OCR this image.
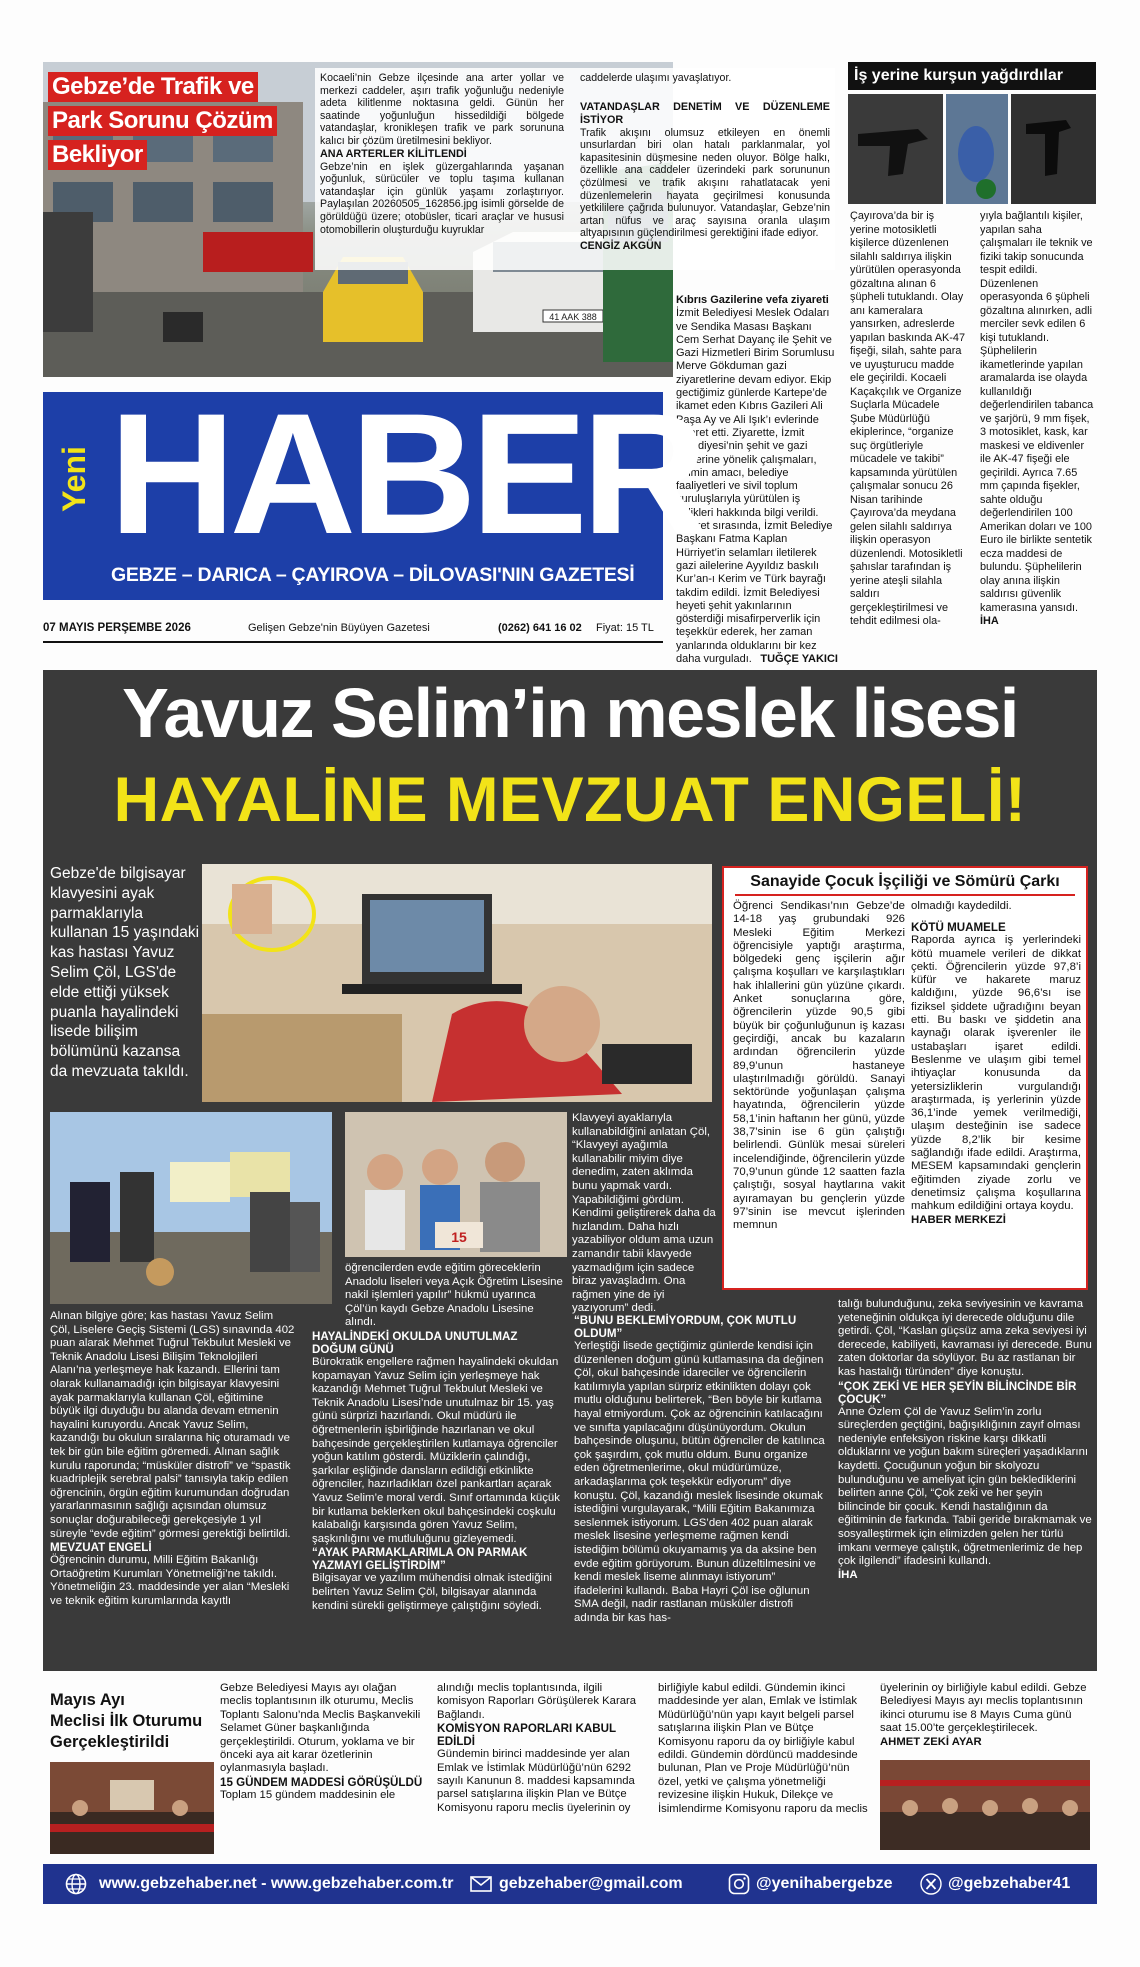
41 AAK 388
Gebze’de Trafik ve
Park Sorunu Çözüm
Bekliyor

Kocaeli’nin Gebze ilçesinde ana arter yollar ve merkezi caddeler, aşırı trafik yoğunluğu nedeniyle adeta kilitlenme noktasına geldi. Günün her saatinde yoğunluğun hissedildiği bölgede vatandaşlar, kronikleşen trafik ve park sorununa kalıcı bir çözüm üretilmesini bekliyor.

ANA ARTERLER KİLİTLENDİ

Gebze’nin en işlek güzergahlarında yaşanan yoğunluk, sürücüler ve toplu taşıma kullanan vatandaşlar için günlük yaşamı zorlaştırıyor. Paylaşılan 20260505_162856.jpg isimli görselde de görüldüğü üzere; otobüsler, ticari araçlar ve hususi otomobillerin oluşturduğu kuyruklar

caddelerde ulaşımı yavaşlatıyor.

VATANDAŞLAR DENETİM VE DÜZENLEME İSTİYOR

Trafik akışını olumsuz etkileyen en önemli unsurlardan biri olan hatalı parklanmalar, yol kapasitesinin düşmesine neden oluyor. Bölge halkı, özellikle ana caddeler üzerindeki park sorununun çözülmesi ve trafik akışını rahatlatacak yeni düzenlemelerin hayata geçirilmesi konusunda yetkililere çağrıda bulunuyor. Vatandaşlar, Gebze’nin artan nüfus ve araç sayısına oranla ulaşım altyapısının güçlendirilmesi gerektiğini ifade ediyor.

CENGİZ AKGÜN

İş yerine kurşun yağdırdılar

Çayırova’da bir iş yerine motosikletli kişilerce düzenlenen silahlı saldırıya ilişkin yürütülen operasyonda gözaltına alınan 6 şüpheli tutuklandı. Olay anı kameralara yansırken, adreslerde yapılan baskında AK-47 fişeği, silah, sahte para ve uyuşturucu madde ele geçirildi. Kocaeli Kaçakçılık ve Organize Suçlarla Mücadele Şube Müdürlüğü ekiplerince, “organize suç örgütleriyle mücadele ve takibi” kapsamında yürütülen çalışmalar sonucu 26 Nisan tarihinde Çayırova’da meydana gelen silahlı saldırıya ilişkin operasyon düzenlendi. Motosikletli şahıslar tarafından iş yerine ateşli silahla saldırı gerçekleştirilmesi ve tehdit edilmesi ola-

yıyla bağlantılı kişiler, yapılan saha çalışmaları ile teknik ve fiziki takip sonucunda tespit edildi. Düzenlenen operasyonda 6 şüpheli gözaltına alınırken, adli merciler sevk edilen 6 kişi tutuklandı. Şüphelilerin ikametlerinde yapılan aramalarda ise olayda kullanıldığı değerlendirilen tabanca ve şarjörü, 9 mm fişek, 3 motosiklet, kask, kar maskesi ve eldivenler ile AK-47 fişeği ele geçirildi. Ayrıca 7.65 mm çapında fişekler, sahte olduğu değerlendirilen 100 Amerikan doları ve 100 Euro ile birlikte sentetik ecza maddesi de bulundu. Şüphelilerin olay anına ilişkin saldırısı güvenlik kamerasına yansıdı.

İHA

Kıbrıs Gazilerine vefa ziyareti

İzmit Belediyesi Meslek Odaları ve Sendika Masası Başkanı Cem Serhat Dayanç ile Şehit ve Gazi Hizmetleri Birim Sorumlusu Merve Gökduman gazi ziyaretlerine devam ediyor. Ekip gectiğimiz günlerde Kartepe’de ikamet eden Kıbrıs Gazileri Ali Paşa Ay ve Ali Işık’ı evlerinde ziyaret etti. Ziyarette, İzmit Belediyesi’nin şehit ve gazi ailelerine yönelik çalışmaları, birimin amacı, belediye faaliyetleri ve sivil toplum kuruluşlarıyla yürütülen iş birlikleri hakkında bilgi verildi. Ziyaret sırasında, İzmit Belediye Başkanı Fatma Kaplan Hürriyet’in selamları iletilerek gazi ailelerine Ayyıldız baskılı Kur’an-ı Kerim ve Türk bayrağı takdim edildi. İzmit Belediyesi heyeti şehit yakınlarının gösterdiği misafirperverlik için teşekkür ederek, her zaman yanlarında olduklarını bir kez daha vurguladı. TUĞÇE YAKICI

Yeni HABER
GEBZE – DARICA – ÇAYIROVA – DİLOVASI'NIN GAZETESİ
07 MAYIS PERŞEMBE 2026	Gelişen Gebze'nin Büyüyen Gazetesi	(0262) 641 16 02 Fiyat: 15 TL
Yavuz Selim’in meslek lisesi
HAYALİNE MEVZUAT ENGELİ!
Gebze'de bilgisayar klavyesini ayak parmaklarıyla kullanan 15 yaşındaki kas hastası Yavuz Selim Çöl, LGS'de elde ettiği yüksek puanla hayalindeki lisede bilişim bölümünü kazansa da mevzuata takıldı.
Sanayide Çocuk İşçiliği ve Sömürü Çarkı

Öğrenci Sendikası’nın Gebze’de 14-18 yaş grubundaki 926 Mesleki Eğitim Merkezi öğrencisiyle yaptığı araştırma, bölgedeki genç işçilerin ağır çalışma koşulları ve karşılaştıkları hak ihlallerini gün yüzüne çıkardı. Anket sonuçlarına göre, öğrencilerin yüzde 90,5 gibi büyük bir çoğunluğunun iş kazası geçirdiği, ancak bu kazaların ardından öğrencilerin yüzde 89,9’unun hastaneye ulaştırılmadığı görüldü. Sanayi sektöründe yoğunlaşan çalışma hayatında, öğrencilerin yüzde 58,1’inin haftanın her günü, yüzde 38,7’sinin ise 6 gün çalıştığı belirlendi. Günlük mesai süreleri incelendiğinde, öğrencilerin yüzde 70,9’unun günde 12 saatten fazla çalıştığı, sosyal haytlarına vakit ayıramayan bu gençlerin yüzde 97’sinin ise mevcut işlerinden memnun

olmadığı kaydedildi.

KÖTÜ MUAMELE

Raporda ayrıca iş yerlerindeki kötü muamele verileri de dikkat çekti. Öğrencilerin yüzde 97,8’i küfür ve hakarete maruz kaldığını, yüzde 96,6’sı ise fiziksel şiddete uğradığını beyan etti. Bu baskı ve şiddetin ana kaynağı olarak işverenler ile ustabaşları işaret edildi. Beslenme ve ulaşım gibi temel ihtiyaçlar konusunda da yetersizliklerin vurgulandığı araştırmada, iş yerlerinin yüzde 36,1’inde yemek verilmediği, ulaşım desteğinin ise sadece yüzde 8,2’lik bir kesime sağlandığı ifade edildi. Araştırma, MESEM kapsamındaki gençlerin eğitimden ziyade zorlu ve denetimsiz çalışma koşullarına mahkum edildiğini ortaya koydu.

HABER MERKEZİ

15

Klavyeyi ayaklarıyla kullanabildiğini anlatan Çöl, “Klavyeyi ayağımla kullanabilir miyim diye denedim, zaten aklımda bunu yapmak vardı. Yapabildiğimi gördüm. Kendimi geliştirerek daha da hızlandım. Daha hızlı yazabiliyor oldum ama uzun zamandır tabii klavyede yazmadığım için sadece biraz yavaşladım. Ona rağmen yine de iyi yazıyorum” dedi.

öğrencilerden evde eğitim göreceklerin Anadolu liseleri veya Açık Öğretim Lisesine nakil işlemleri yapılır” hükmü uyarınca Çöl’ün kaydı Gebze Anadolu Lisesine alındı.

Alınan bilgiye göre; kas hastası Yavuz Selim Çöl, Liselere Geçiş Sistemi (LGS) sınavında 402 puan alarak Mehmet Tuğrul Tekbulut Mesleki ve Teknik Anadolu Lisesi Bilişim Teknolojileri Alanı’na yerleşmeye hak kazandı. Ellerini tam olarak kullanamadığı için bilgisayar klavyesini ayak parmaklarıyla kullanan Çöl, eğitimine büyük ilgi duyduğu bu alanda devam etmenin hayalini kuruyordu. Ancak Yavuz Selim, kazandığı bu okulun sıralarına hiç oturamadı ve tek bir gün bile eğitim göremedi. Alınan sağlık kurulu raporunda; “müsküler distrofi” ve “spastik kuadriplejik serebral palsi” tanısıyla takip edilen öğrencinin, örgün eğitim kurumundan doğrudan yararlanmasının sağlığı açısından olumsuz sonuçlar doğurabileceği gerekçesiyle 1 yıl süreyle “evde eğitim” görmesi gerektiği belirtildi.

MEVZUAT ENGELİ

Öğrencinin durumu, Milli Eğitim Bakanlığı Ortaöğretim Kurumları Yönetmeliği’ne takıldı. Yönetmeliğin 23. maddesinde yer alan “Mesleki ve teknik eğitim kurumlarında kayıtlı

HAYALİNDEKİ OKULDA UNUTULMAZ DOĞUM GÜNÜ

Bürokratik engellere rağmen hayalindeki okuldan kopamayan Yavuz Selim için yerleşmeye hak kazandığı Mehmet Tuğrul Tekbulut Mesleki ve Teknik Anadolu Lisesi’nde unutulmaz bir 15. yaş günü sürprizi hazırlandı. Okul müdürü ile öğretmenlerin işbirliğinde hazırlanan ve okul bahçesinde gerçekleştirilen kutlamaya öğrenciler yoğun katılım gösterdi. Müziklerin çalındığı, şarkılar eşliğinde dansların edildiği etkinlikte öğrenciler, hazırladıkları özel pankartları açarak Yavuz Selim’e moral verdi. Sınıf ortamında küçük bir kutlama beklerken okul bahçesindeki coşkulu kalabalığı karşısında gören Yavuz Selim, şaşkınlığını ve mutluluğunu gizleyemedi.

“AYAK PARMAKLARIMLA ON PARMAK YAZMAYI GELİŞTİRDİM”

Bilgisayar ve yazılım mühendisi olmak istediğini belirten Yavuz Selim Çöl, bilgisayar alanında kendini sürekli geliştirmeye çalıştığını söyledi.

“BUNU BEKLEMİYORDUM, ÇOK MUTLU OLDUM”

Yerleştiği lisede geçtiğimiz günlerde kendisi için düzenlenen doğum günü kutlamasına da değinen Çöl, okul bahçesinde idareciler ve öğrencilerin katılımıyla yapılan sürpriz etkinlikten dolayı çok mutlu olduğunu belirterek, “Ben böyle bir kutlama hayal etmiyordum. Çok az öğrencinin katılacağını ve sınıfta yapılacağını düşünüyordum. Okulun bahçesinde oluşunu, bütün öğrenciler de katılınca çok şaşırdım, çok mutlu oldum. Bunu organize eden öğretmenlerime, okul müdürümüze, arkadaşlarıma çok teşekkür ediyorum” diye konuştu. Çöl, kazandığı meslek lisesinde okumak istediğini vurgulayarak, “Milli Eğitim Bakanımıza seslenmek istiyorum. LGS’den 402 puan alarak meslek lisesine yerleşmeme rağmen kendi istediğim bölümü okuyamamış ya da aksine ben evde eğitim görüyorum. Bunun düzeltilmesini ve kendi meslek liseme alınmayı istiyorum” ifadelerini kullandı. Baba Hayri Çöl ise oğlunun SMA değil, nadir rastlanan müsküler distrofi adında bir kas has-

talığı bulunduğunu, zeka seviyesinin ve kavrama yeteneğinin oldukça iyi derecede olduğunu dile getirdi. Çöl, “Kaslan güçsüz ama zeka seviyesi iyi derecede, kabiliyeti, kavraması iyi derecede. Bunu zaten doktorlar da söylüyor. Bu az rastlanan bir kas hastalığı türünden” diye konuştu.

“ÇOK ZEKİ VE HER ŞEYİN BİLİNCİNDE BİR ÇOCUK”

Anne Özlem Çöl de Yavuz Selim’in zorlu süreçlerden geçtiğini, bağışıklığının zayıf olması nedeniyle enfeksiyon riskine karşı dikkatli olduklarını ve yoğun bakım süreçleri yaşadıklarını kaydetti. Çocuğunun yoğun bir skolyozu bulunduğunu ve ameliyat için gün beklediklerini belirten anne Çöl, “Çok zeki ve her şeyin bilincinde bir çocuk. Kendi hastalığının da eğitiminin de farkında. Tabii geride bırakmamak ve sosyalleştirmek için elimizden gelen her türlü imkanı vermeye çalıştık, öğretmenlerimiz de hep çok ilgilendi” ifadesini kullandı.

İHA

Mayıs Ayı
Meclisi İlk Oturumu
Gerçekleştirildi

Gebze Belediyesi Mayıs ayı olağan meclis toplantısının ilk oturumu, Meclis Toplantı Salonu’nda Meclis Başkanvekili Selamet Güner başkanlığında gerçekleştirildi. Oturum, yoklama ve bir önceki aya ait karar özetlerinin oylanmasıyla başladı.

15 GÜNDEM MADDESİ GÖRÜŞÜLDÜ

Toplam 15 gündem maddesinin ele

alındığı meclis toplantısında, ilgili komisyon Raporları Görüşülerek Karara Bağlandı.

KOMİSYON RAPORLARI KABUL EDİLDİ

Gündemin birinci maddesinde yer alan Emlak ve İstimlak Müdürlüğü’nün 6292 sayılı Kanunun 8. maddesi kapsamında parsel satışlarına ilişkin Plan ve Bütçe Komisyonu raporu meclis üyelerinin oy

birliğiyle kabul edildi. Gündemin ikinci maddesinde yer alan, Emlak ve İstimlak Müdürlüğü’nün yapı kayıt belgeli parsel satışlarına ilişkin Plan ve Bütçe Komisyonu raporu da oy birliğiyle kabul edildi. Gündemin dördüncü maddesinde bulunan, Plan ve Proje Müdürlüğü’nün özel, yetki ve çalışma yönetmeliği revizesine ilişkin Hukuk, Dilekçe ve İsimlendirme Komisyonu raporu da meclis

üyelerinin oy birliğiyle kabul edildi. Gebze Belediyesi Mayıs ayı meclis toplantısının ikinci oturumu ise 8 Mayıs Cuma günü saat 15.00’te gerçekleştirilecek.

AHMET ZEKİ AYAR

www.gebzehaber.net - www.gebzehaber.com.tr	gebzehaber@gmail.com	@yenihabergebze	@gebzehaber41
